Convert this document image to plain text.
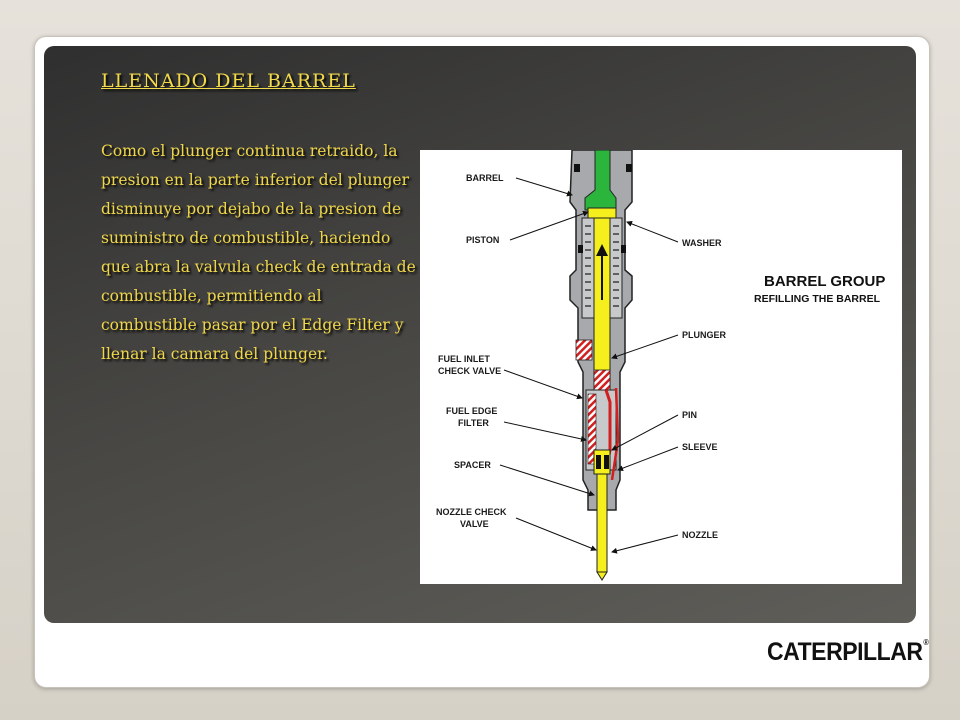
LLENADO DEL BARREL

Como el plunger continua retraido, la presion en la parte inferior del plunger disminuye por dejabo de la presion de suministro de combustible, haciendo que abra la valvula check de entrada de combustible, permitiendo al combustible pasar por el Edge Filter y llenar la camara del plunger.

BARREL
PISTON
FUEL INLET
CHECK VALVE
FUEL EDGE
FILTER
SPACER
NOZZLE CHECK
VALVE
WASHER
PLUNGER
PIN
SLEEVE
NOZZLE
BARREL GROUP
REFILLING THE BARREL
CATERPILLAR®
